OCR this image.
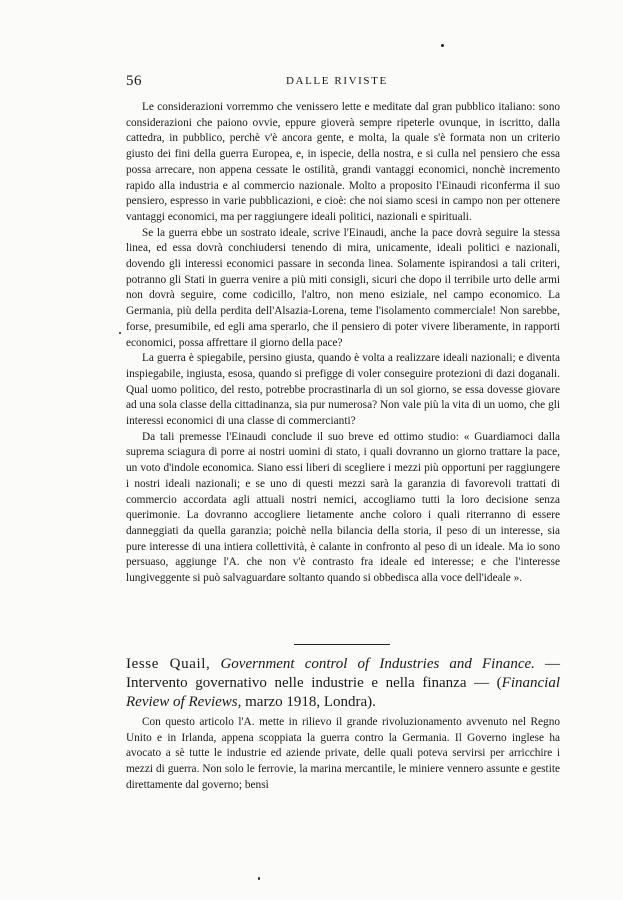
56	DALLE RIVISTE

Le considerazioni vorremmo che venissero lette e meditate dal gran pubblico italiano: sono considerazioni che paiono ovvie, eppure gioverà sempre ripeterle ovunque, in iscritto, dalla cattedra, in pubblico, perchè v'è ancora gente, e molta, la quale s'è formata non un criterio giusto dei fini della guerra Europea, e, in ispecie, della nostra, e si culla nel pensiero che essa possa arrecare, non appena cessate le ostilità, grandi vantaggi economici, nonchè incremento rapido alla industria e al commercio nazionale. Molto a proposito l'Einaudi riconferma il suo pensiero, espresso in varie pubblicazioni, e cioè: che noi siamo scesi in campo non per ottenere vantaggi economici, ma per raggiungere ideali politici, nazionali e spirituali.

Se la guerra ebbe un sostrato ideale, scrive l'Einaudi, anche la pace dovrà seguire la stessa linea, ed essa dovrà conchiudersi tenendo di mira, unicamente, ideali politici e nazionali, dovendo gli interessi economici passare in seconda linea. Solamente ispirandosi a tali criteri, potranno gli Stati in guerra venire a più miti consigli, sicuri che dopo il terribile urto delle armi non dovrà seguire, come codicillo, l'altro, non meno esiziale, nel campo economico. La Germania, più della perdita dell'Alsazia-Lorena, teme l'isolamento commerciale! Non sarebbe, forse, presumibile, ed egli ama sperarlo, che il pensiero di poter vivere liberamente, in rapporti economici, possa affrettare il giorno della pace?

La guerra è spiegabile, persino giusta, quando è volta a realizzare ideali nazionali; e diventa inspiegabile, ingiusta, esosa, quando si prefigge di voler conseguire protezioni di dazi doganali. Qual uomo politico, del resto, potrebbe procrastinarla di un sol giorno, se essa dovesse giovare ad una sola classe della cittadinanza, sia pur numerosa? Non vale più la vita di un uomo, che gli interessi economici di una classe di commercianti?

Da tali premesse l'Einaudi conclude il suo breve ed ottimo studio: « Guardiamoci dalla suprema sciagura di porre ai nostri uomini di stato, i quali dovranno un giorno trattare la pace, un voto d'indole economica. Siano essi liberi di scegliere i mezzi più opportuni per raggiungere i nostri ideali nazionali; e se uno di questi mezzi sarà la garanzia di favorevoli trattati di commercio accordata agli attuali nostri nemici, accogliamo tutti la loro decisione senza querimonie. La dovranno accogliere lietamente anche coloro i quali riterranno di essere danneggiati da quella garanzia; poichè nella bilancia della storia, il peso di un interesse, sia pure interesse di una intiera collettività, è calante in confronto al peso di un ideale. Ma io sono persuaso, aggiunge l'A. che non v'è contrasto fra ideale ed interesse; e che l'interesse lungiveggente si può salvaguardare soltanto quando si obbedisca alla voce dell'ideale ».

Iesse Quail, Government control of Industries and Finance. — Intervento governativo nelle industrie e nella finanza — (Financial Review of Reviews, marzo 1918, Londra).

Con questo articolo l'A. mette in rilievo il grande rivoluzionamento avvenuto nel Regno Unito e in Irlanda, appena scoppiata la guerra contro la Germania. Il Governo inglese ha avocato a sè tutte le industrie ed aziende private, delle quali poteva servirsi per arricchire i mezzi di guerra. Non solo le ferrovie, la marina mercantile, le miniere vennero assunte e gestite direttamente dal governo; bensì
